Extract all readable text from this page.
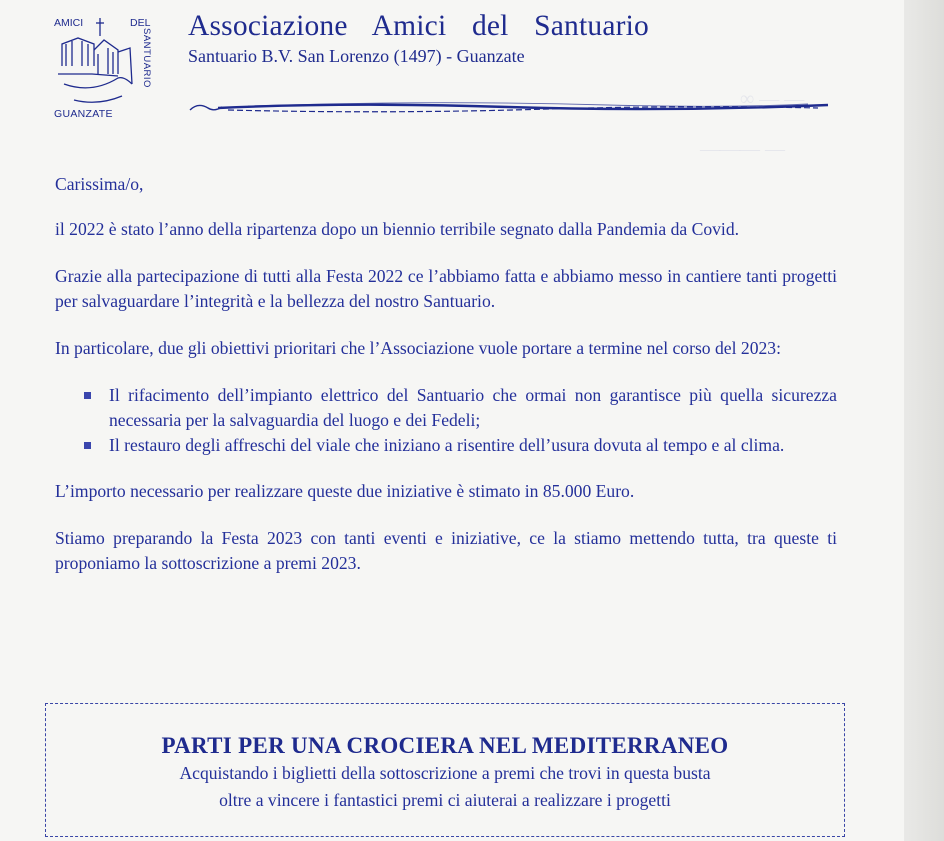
∞ — —
——— —
AMICI	DEL
SANTUARIO
GUANZATE
Associazione Amici del Santuario
Santuario B.V. San Lorenzo (1497) - Guanzate

Carissima/o,

il 2022 è stato l’anno della ripartenza dopo un biennio terribile segnato dalla Pandemia da Covid.

Grazie alla partecipazione di tutti alla Festa 2022 ce l’abbiamo fatta e abbiamo messo in cantiere tanti progetti per salvaguardare l’integrità e la bellezza del nostro Santuario.

In particolare, due gli obiettivi prioritari che l’Associazione vuole portare a termine nel corso del 2023:

Il rifacimento dell’impianto elettrico del Santuario che ormai non garantisce più quella sicurezza necessaria per la salvaguardia del luogo e dei Fedeli;
Il restauro degli affreschi del viale che iniziano a risentire dell’usura dovuta al tempo e al clima.

L’importo necessario per realizzare queste due iniziative è stimato in 85.000 Euro.

Stiamo preparando la Festa 2023 con tanti eventi e iniziative, ce la stiamo mettendo tutta, tra queste ti proponiamo la sottoscrizione a premi 2023.

PARTI PER UNA CROCIERA NEL MEDITERRANEO
Acquistando i biglietti della sottoscrizione a premi che trovi in questa busta
oltre a vincere i fantastici premi ci aiuterai a realizzare i progetti
